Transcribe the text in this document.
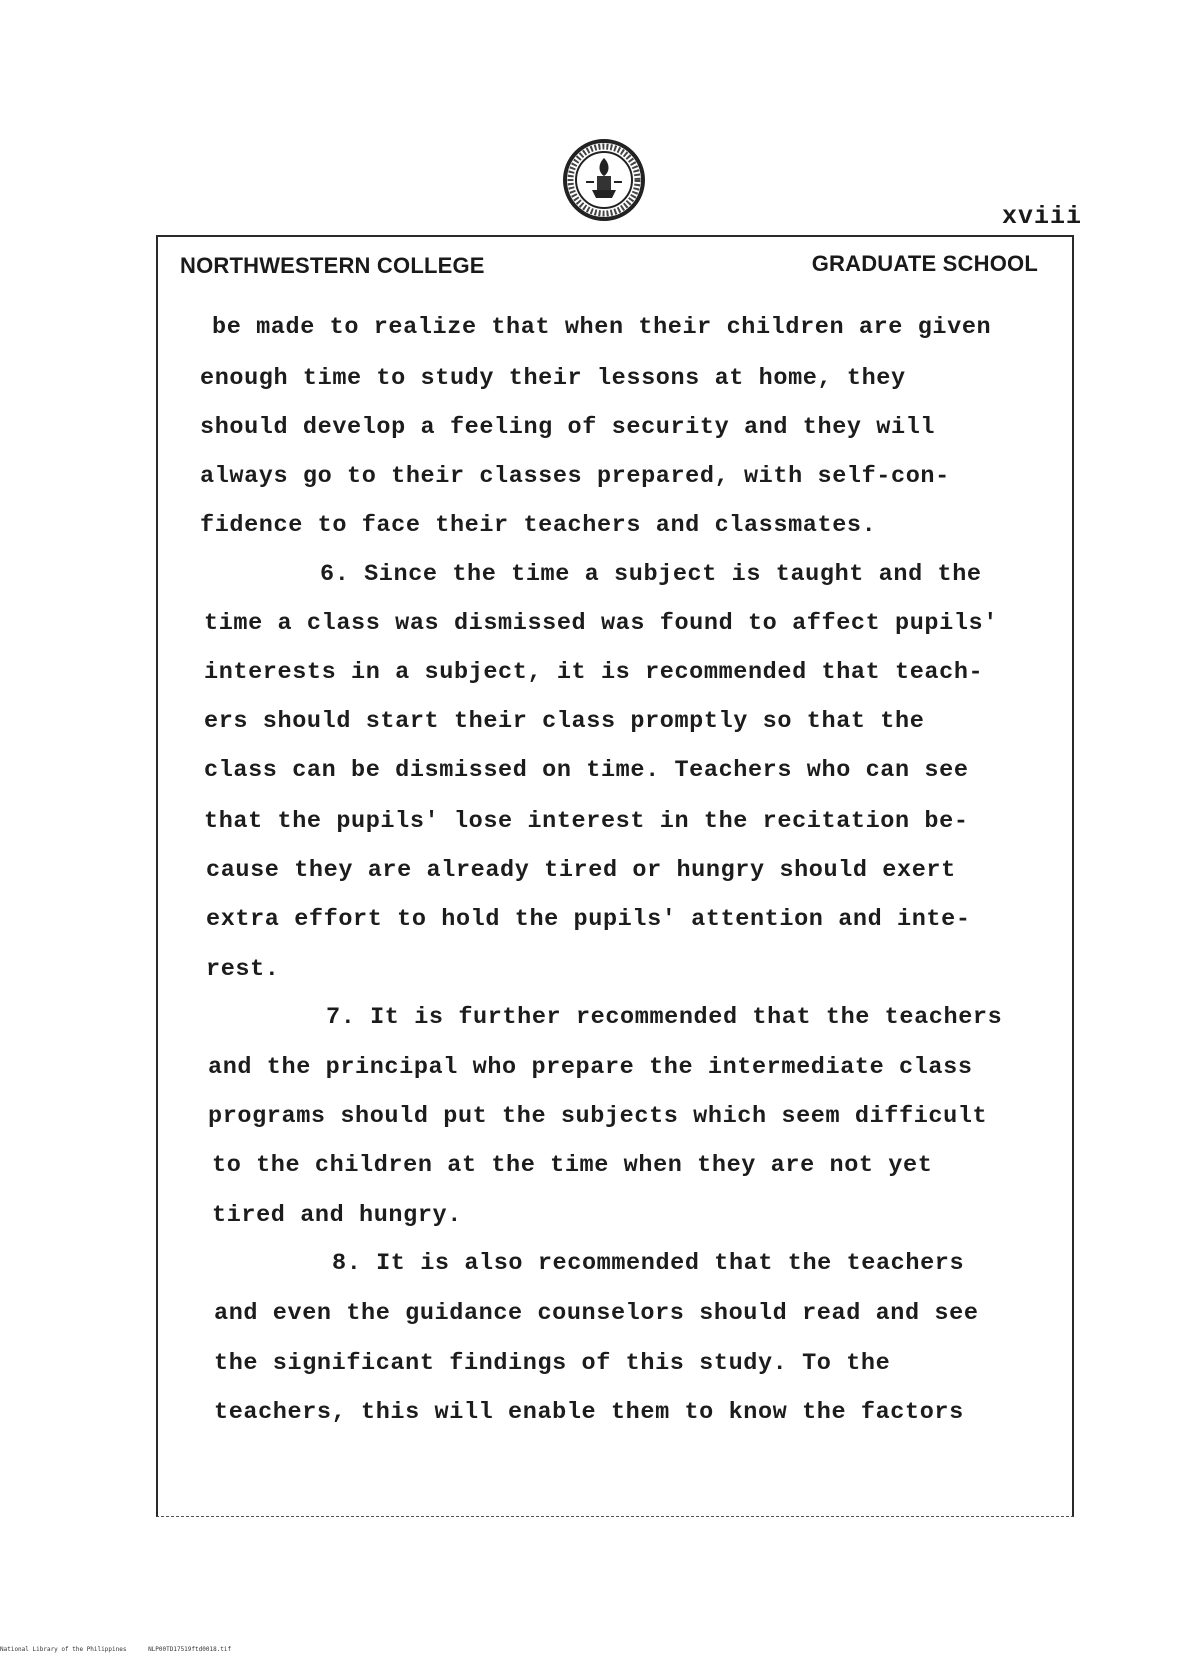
xviii
NORTHWESTERN COLLEGE	GRADUATE SCHOOL
be made to realize that when their children are given
enough time to study their lessons at home, they
should develop a feeling of security and they will
always go to their classes prepared, with self-con-
fidence to face their teachers and classmates.
6. Since the time a subject is taught and the
time a class was dismissed was found to affect pupils'
interests in a subject, it is recommended that teach-
ers should start their class promptly so that the
class can be dismissed on time. Teachers who can see
that the pupils' lose interest in the recitation be-
cause they are already tired or hungry should exert
extra effort to hold the pupils' attention and inte-
rest.
7. It is further recommended that the teachers
and the principal who prepare the intermediate class
programs should put the subjects which seem difficult
to the children at the time when they are not yet
tired and hungry.
8. It is also recommended that the teachers
and even the guidance counselors should read and see
the significant findings of this study. To the
teachers, this will enable them to know the factors
National Library of the Philippines	NLP00TD17519ftd0018.tif
